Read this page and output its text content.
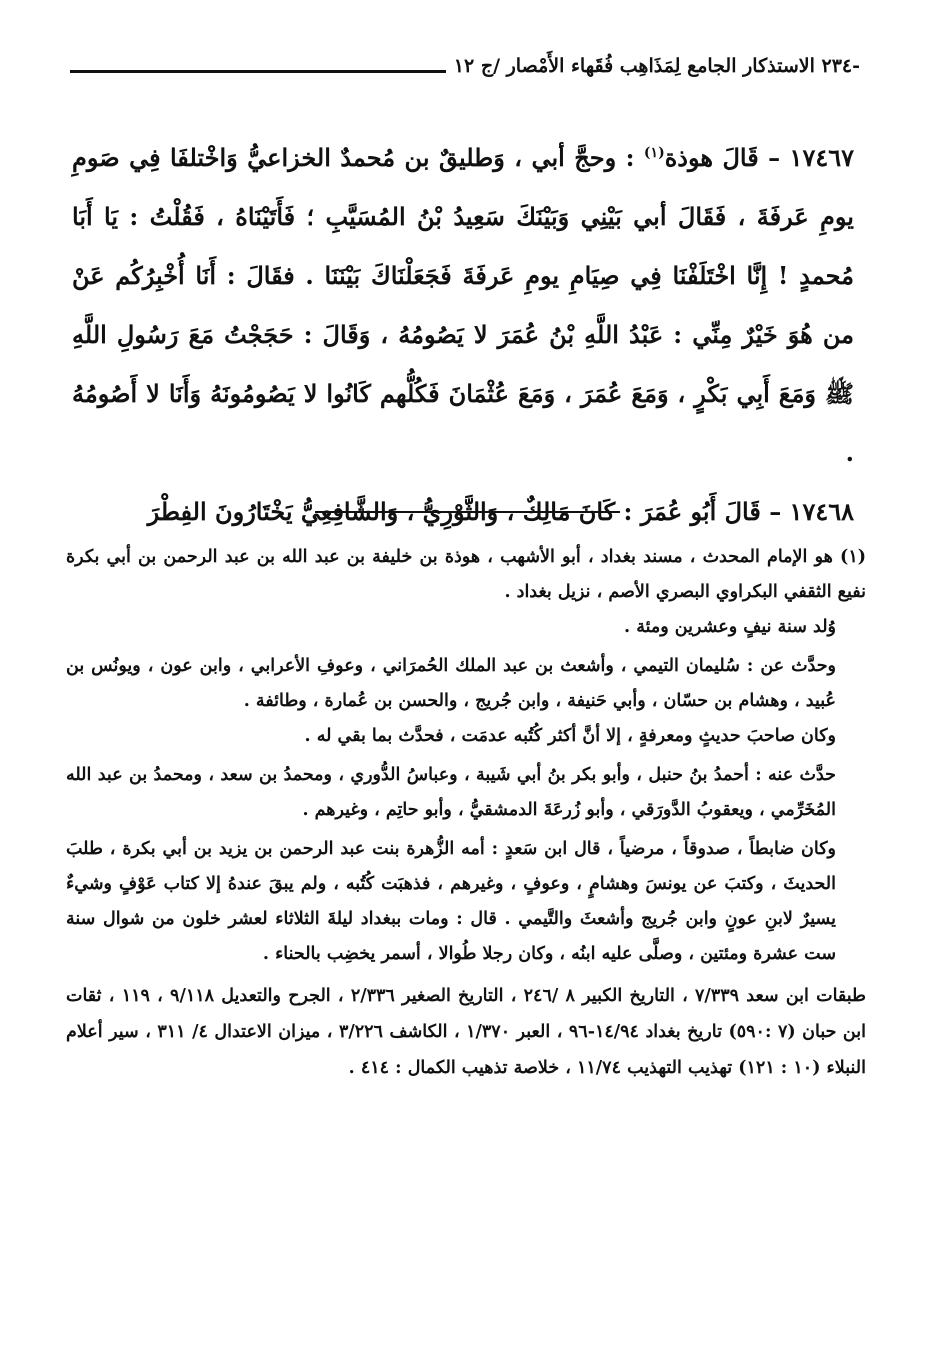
-٢٣٤ الاستذكار الجامع لِمَذَاهِب فُقَهاء الأَمْصار /ج ١٢

١٧٤٦٧ – قَالَ هوذة$^{(١)}$ : وحجَّ أبي ، وَطليقٌ بن مُحمدٌ الخزاعيُّ وَاخْتلفَا فِي صَومِ يومِ عَرفَةَ ، فَقَالَ أبي بَيْنِي وَبَيْنَكَ سَعِيدُ بْنُ المُسَيَّبِ ؛ فَأَتَيْنَاهُ ، فَقُلْتُ : يَا أَبَا مُحمدٍ ! إِنَّا اخْتَلَفْنَا فِي صِيَامِ يومِ عَرفَةَ فَجَعَلْنَاكَ بَيْنَنَا . فقَالَ : أَنَا أُخْبِرُكُم عَنْ من هُوَ خَيْرٌ مِنِّي : عَبْدُ اللَّهِ بْنُ عُمَرَ لا يَصُومُهُ ، وَقَالَ : حَجَجْتُ مَعَ رَسُولِ اللَّهِ ﷺ وَمَعَ أَبِي بَكْرٍ ، وَمَعَ عُمَرَ ، وَمَعَ عُثْمَانَ فَكُلُّهم كَانُوا لا يَصُومُونَهُ وَأَنَا لا أَصُومُهُ .

١٧٤٦٨ – قَالَ أَبُو عُمَرَ : كَانَ مَالِكٌ ، وَالثَّوْرِيُّ ، وَالشَّافِعِيُّ يَخْتَارُونَ الفِطْرَ

(١) هو الإمام المحدث ، مسند بغداد ، أبو الأشهب ، هوذة بن خليفة بن عبد الله بن عبد الرحمن بن أبي بكرة نفيع الثقفي البكراوي البصري الأصم ، نزيل بغداد .

وُلد سنة نيفٍ وعشرين ومئة .

وحدَّث عن : سُليمان التيمي ، وأشعث بن عبد الملك الحُمرَاني ، وعوفِ الأعرابي ، وابن عون ، ويونُس بن عُبيد ، وهشام بن حسّان ، وأبي حَنيفة ، وابن جُريج ، والحسن بن عُمارة ، وطائفة .

وكان صاحبَ حديثٍ ومعرفةٍ ، إلا أنَّ أكثر كُتُبه عدمَت ، فحدَّث بما بقي له .

حدَّث عنه : أحمدُ بنُ حنبل ، وأبو بكر بنُ أبي شَيبة ، وعباسُ الدُّوري ، ومحمدُ بن سعد ، ومحمدُ بن عبد الله المُخَرِّمي ، ويعقوبُ الدَّورَقي ، وأبو زُرعَةَ الدمشقيُّ ، وأبو حاتِم ، وغيرهم .

وكان ضابطاً ، صدوقاً ، مرضياً ، قال ابن سَعدٍ : أمه الزُّهرة بنت عبد الرحمن بن يزيد بن أبي بكرة ، طلبَ الحديثَ ، وكتبَ عن يونسَ وهشامٍ ، وعوفٍ ، وغيرهم ، فذهبَت كُتُبه ، ولم يبقَ عندهُ إلا كتاب عَوْفٍ وشيءٌ يسيرٌ لابنِ عونٍ وابن جُريج وأشعثَ والتَّيمي . قال : ومات ببغداد ليلةَ الثلاثاء لعشر خلون من شوال سنة ست عشرة ومئتين ، وصلَّى عليه ابنُه ، وكان رجلا طُوالا ، أسمر يخضِب بالحناء .

طبقات ابن سعد ٧/٣٣٩ ، التاريخ الكبير ٨ /٢٤٦ ، التاريخ الصغير ٢/٣٣٦ ، الجرح والتعديل ٩/١١٨ ، ١١٩ ، ثقات ابن حبان (٧ :٥٩٠) تاريخ بغداد ١٤/٩٤-٩٦ ، العبر ١/٣٧٠ ، الكاشف ٣/٢٢٦ ، ميزان الاعتدال ٤/ ٣١١ ، سير أعلام النبلاء (١٠ : ١٢١) تهذيب التهذيب ١١/٧٤ ، خلاصة تذهيب الكمال : ٤١٤ .
